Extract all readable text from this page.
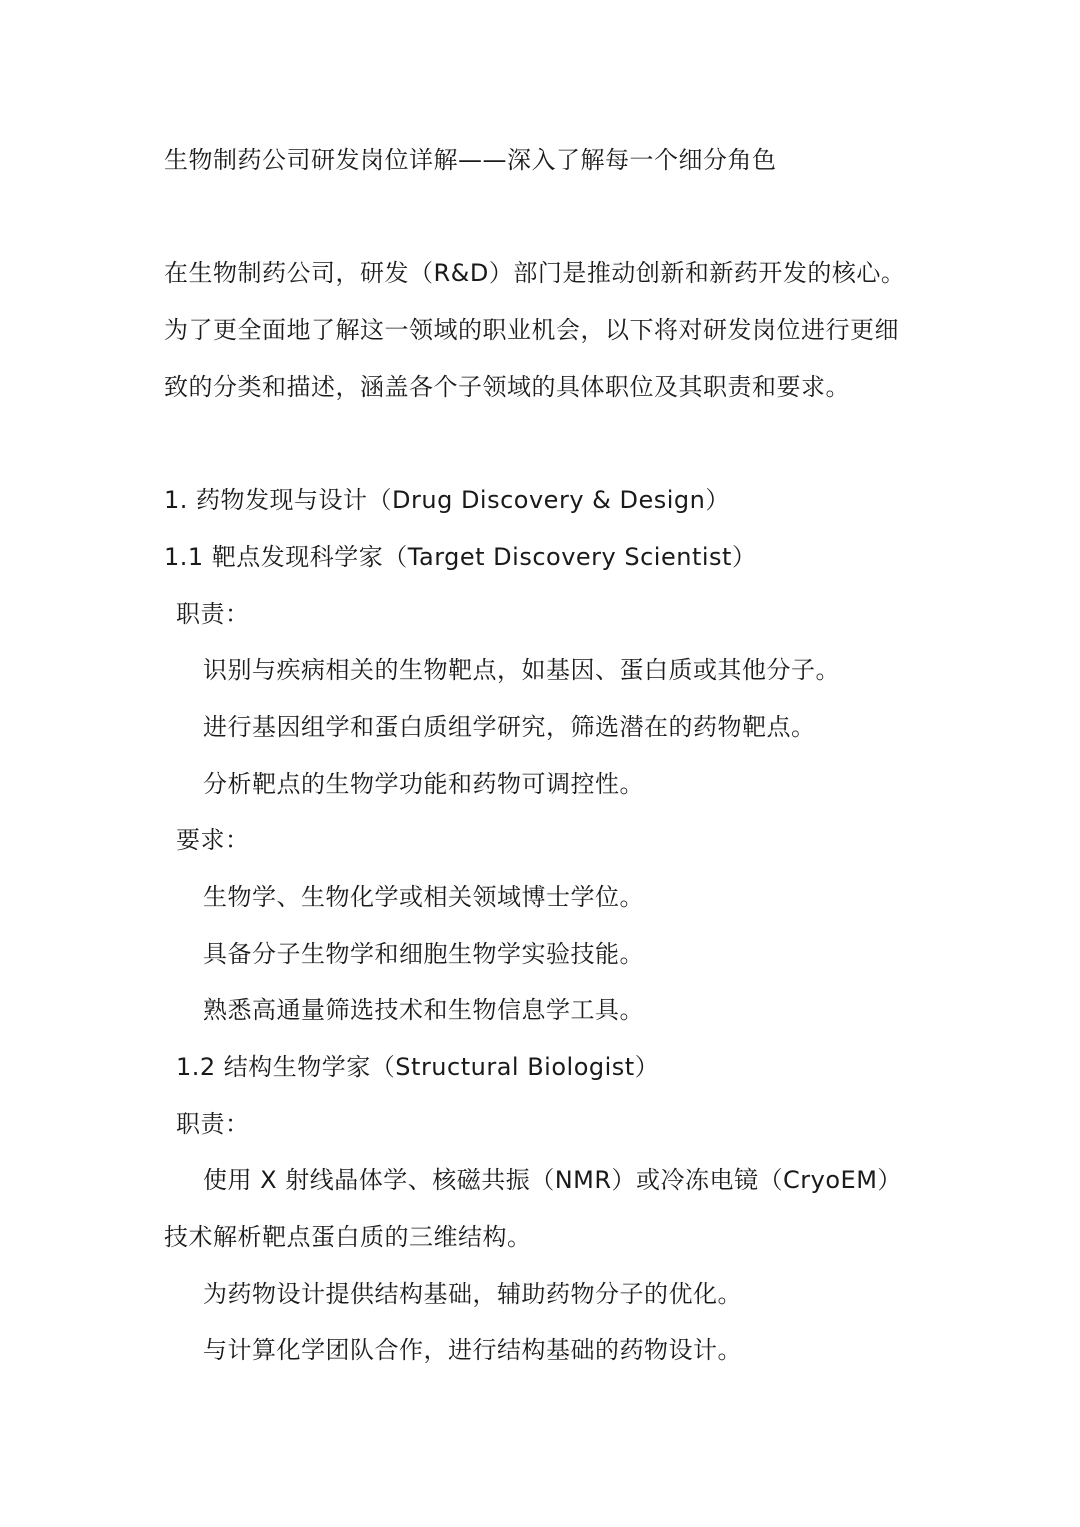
生物制药公司研发岗位详解——深入了解每一个细分角色
在生物制药公司，研发（R&D）部门是推动创新和新药开发的核心。
为了更全面地了解这一领域的职业机会，以下将对研发岗位进行更细
致的分类和描述，涵盖各个子领域的具体职位及其职责和要求。
1. 药物发现与设计（Drug Discovery & Design）
1.1 靶点发现科学家（Target Discovery Scientist）
职责：
识别与疾病相关的生物靶点，如基因、蛋白质或其他分子。
进行基因组学和蛋白质组学研究，筛选潜在的药物靶点。
分析靶点的生物学功能和药物可调控性。
要求：
生物学、生物化学或相关领域博士学位。
具备分子生物学和细胞生物学实验技能。
熟悉高通量筛选技术和生物信息学工具。
1.2 结构生物学家（Structural Biologist）
职责：
使用 X 射线晶体学、核磁共振（NMR）或冷冻电镜（CryoEM）
技术解析靶点蛋白质的三维结构。
为药物设计提供结构基础，辅助药物分子的优化。
与计算化学团队合作，进行结构基础的药物设计。
